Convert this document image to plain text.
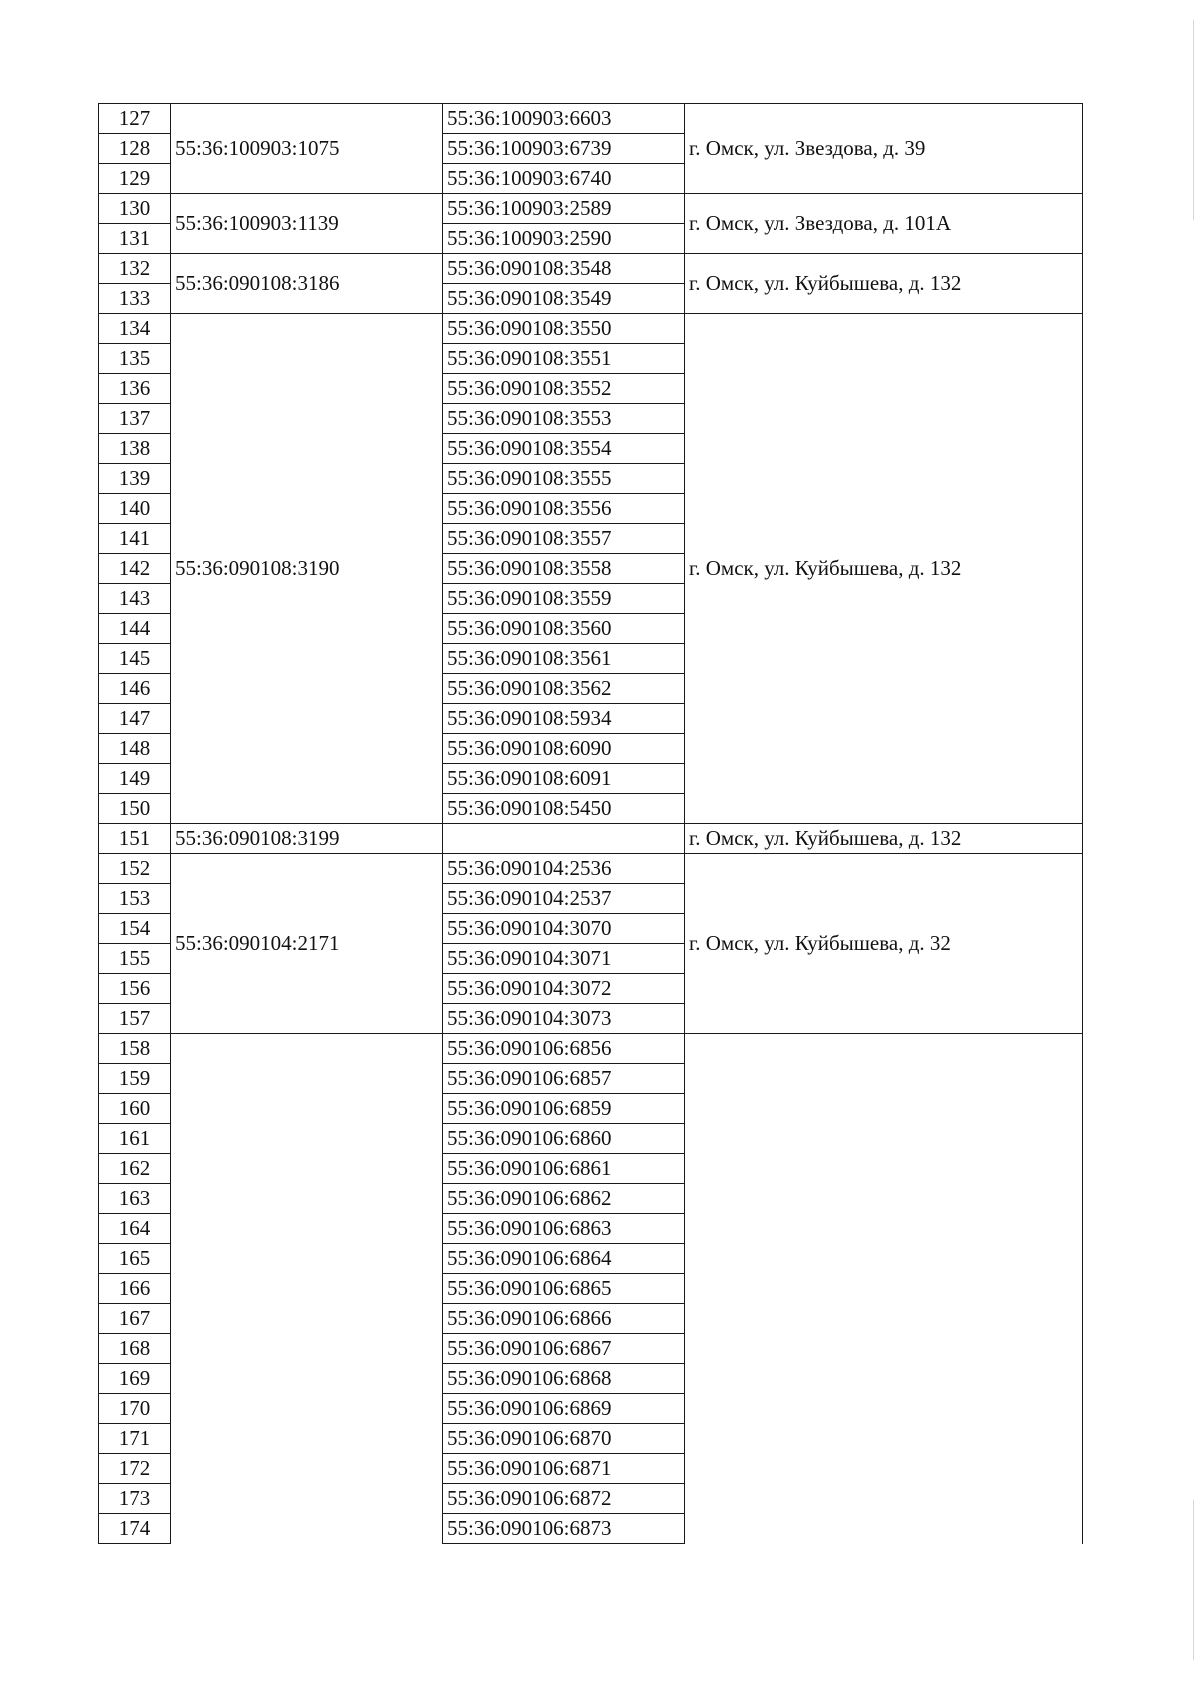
127	55:36:100903:1075	55:36:100903:6603	г. Омск, ул. Звездова, д. 39
128		55:36:100903:6739	
129		55:36:100903:6740	
130	55:36:100903:1139	55:36:100903:2589	г. Омск, ул. Звездова, д. 101А
131		55:36:100903:2590	
132	55:36:090108:3186	55:36:090108:3548	г. Омск, ул. Куйбышева, д. 132
133		55:36:090108:3549	
134	55:36:090108:3190	55:36:090108:3550	г. Омск, ул. Куйбышева, д. 132
135		55:36:090108:3551	
136		55:36:090108:3552	
137		55:36:090108:3553	
138		55:36:090108:3554	
139		55:36:090108:3555	
140		55:36:090108:3556	
141		55:36:090108:3557	
142		55:36:090108:3558	
143		55:36:090108:3559	
144		55:36:090108:3560	
145		55:36:090108:3561	
146		55:36:090108:3562	
147		55:36:090108:5934	
148		55:36:090108:6090	
149		55:36:090108:6091	
150		55:36:090108:5450	
151	55:36:090108:3199		г. Омск, ул. Куйбышева, д. 132
152	55:36:090104:2171	55:36:090104:2536	г. Омск, ул. Куйбышева, д. 32
153		55:36:090104:2537	
154		55:36:090104:3070	
155		55:36:090104:3071	
156		55:36:090104:3072	
157		55:36:090104:3073	
158		55:36:090106:6856	
159		55:36:090106:6857	
160		55:36:090106:6859	
161		55:36:090106:6860	
162		55:36:090106:6861	
163		55:36:090106:6862	
164		55:36:090106:6863	
165		55:36:090106:6864	
166		55:36:090106:6865	
167		55:36:090106:6866	
168		55:36:090106:6867	
169		55:36:090106:6868	
170		55:36:090106:6869	
171		55:36:090106:6870	
172		55:36:090106:6871	
173		55:36:090106:6872	
174		55:36:090106:6873	
